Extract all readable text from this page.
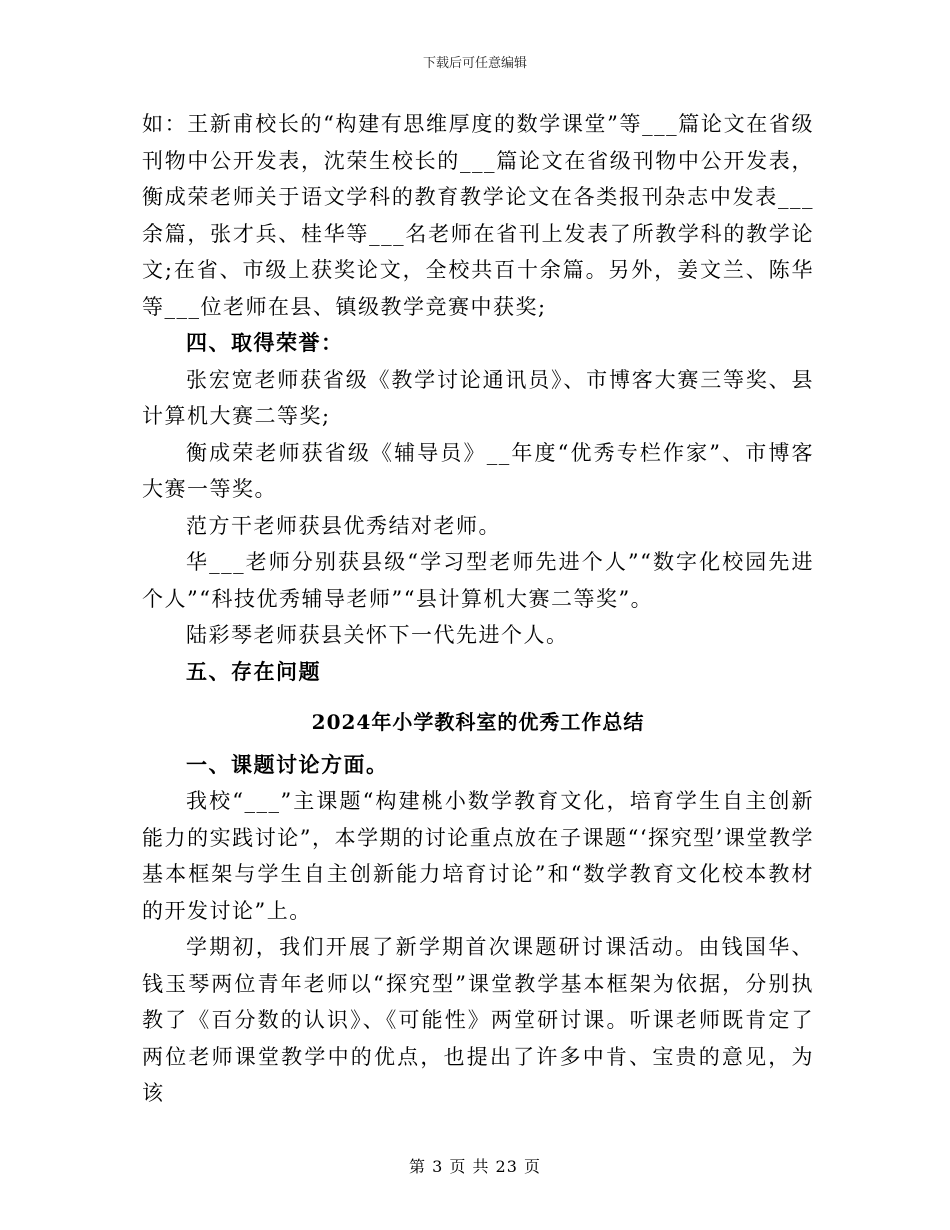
下载后可任意编辑

如：王新甫校长的“构建有思维厚度的数学课堂”等___篇论文在省级刊物中公开发表，沈荣生校长的___篇论文在省级刊物中公开发表，衡成荣老师关于语文学科的教育教学论文在各类报刊杂志中发表___余篇，张才兵、桂华等___名老师在省刊上发表了所教学科的教学论文;在省、市级上获奖论文，全校共百十余篇。另外，姜文兰、陈华等___位老师在县、镇级教学竞赛中获奖;

四、取得荣誉：

张宏宽老师获省级《教学讨论通讯员》、市博客大赛三等奖、县计算机大赛二等奖;

衡成荣老师获省级《辅导员》__年度“优秀专栏作家”、市博客大赛一等奖。

范方干老师获县优秀结对老师。

华___老师分别获县级“学习型老师先进个人”“数字化校园先进个人”“科技优秀辅导老师”“县计算机大赛二等奖”。

陆彩琴老师获县关怀下一代先进个人。

五、存在问题

2024年小学教科室的优秀工作总结

一、课题讨论方面。

我校“___”主课题“构建桃小数学教育文化，培育学生自主创新能力的实践讨论”，本学期的讨论重点放在子课题“‘探究型’课堂教学基本框架与学生自主创新能力培育讨论”和“数学教育文化校本教材的开发讨论”上。

学期初，我们开展了新学期首次课题研讨课活动。由钱国华、钱玉琴两位青年老师以“探究型”课堂教学基本框架为依据，分别执教了《百分数的认识》、《可能性》两堂研讨课。听课老师既肯定了两位老师课堂教学中的优点，也提出了许多中肯、宝贵的意见，为该

第 3 页 共 23 页
